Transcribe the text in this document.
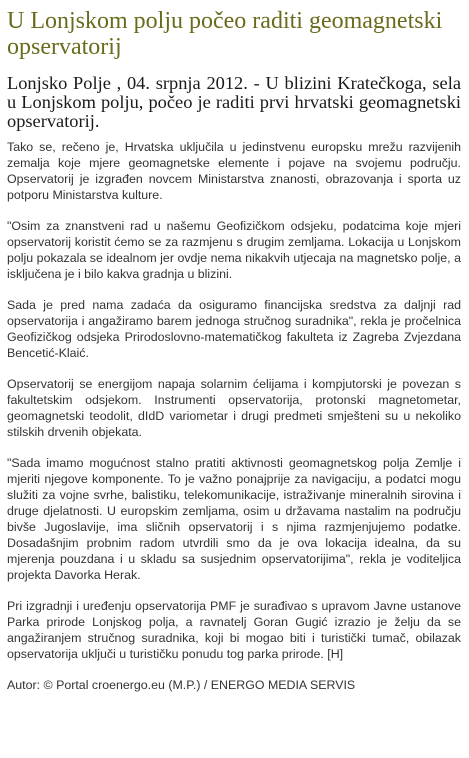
U Lonjskom polju počeo raditi geomagnetski opservatorij

Lonjsko Polje , 04. srpnja 2012. - U blizini Kratečkoga, sela u Lonjskom polju, počeo je raditi prvi hrvatski geomagnetski opservatorij.

Tako se, rečeno je, Hrvatska uključila u jedinstvenu europsku mrežu razvijenih zemalja koje mjere geomagnetske elemente i pojave na svojemu području. Opservatorij je izgrađen novcem Ministarstva znanosti, obrazovanja i sporta uz potporu Ministarstva kulture.

"Osim za znanstveni rad u našemu Geofizičkom odsjeku, podatcima koje mjeri opservatorij koristit ćemo se za razmjenu s drugim zemljama. Lokacija u Lonjskom polju pokazala se idealnom jer ovdje nema nikakvih utjecaja na magnetsko polje, a isključena je i bilo kakva gradnja u blizini.

Sada je pred nama zadaća da osiguramo financijska sredstva za daljnji rad opservatorija i angažiramo barem jednoga stručnog suradnika", rekla je pročelnica Geofizičkog odsjeka Prirodoslovno-matematičkog fakulteta iz Zagreba Zvjezdana Bencetić-Klaić.

Opservatorij se energijom napaja solarnim ćelijama i kompjutorski je povezan s fakultetskim odsjekom. Instrumenti opservatorija, protonski magnetometar, geomagnetski teodolit, dIdD variometar i drugi predmeti smješteni su u nekoliko stilskih drvenih objekata.

"Sada imamo mogućnost stalno pratiti aktivnosti geomagnetskog polja Zemlje i mjeriti njegove komponente. To je važno ponajprije za navigaciju, a podatci mogu služiti za vojne svrhe, balistiku, telekomunikacije, istraživanje mineralnih sirovina i druge djelatnosti. U europskim zemljama, osim u državama nastalim na području bivše Jugoslavije, ima sličnih opservatorij i s njima razmjenjujemo podatke. Dosadašnjim probnim radom utvrdili smo da je ova lokacija idealna, da su mjerenja pouzdana i u skladu sa susjednim opservatorijima", rekla je voditeljica projekta Davorka Herak.

Pri izgradnji i uređenju opservatorija PMF je surađivao s upravom Javne ustanove Parka prirode Lonjskog polja, a ravnatelj Goran Gugić izrazio je želju da se angažiranjem stručnog suradnika, koji bi mogao biti i turistički tumač, obilazak opservatorija uključi u turističku ponudu tog parka prirode. [H]

Autor: © Portal croenergo.eu (M.P.) / ENERGO MEDIA SERVIS
